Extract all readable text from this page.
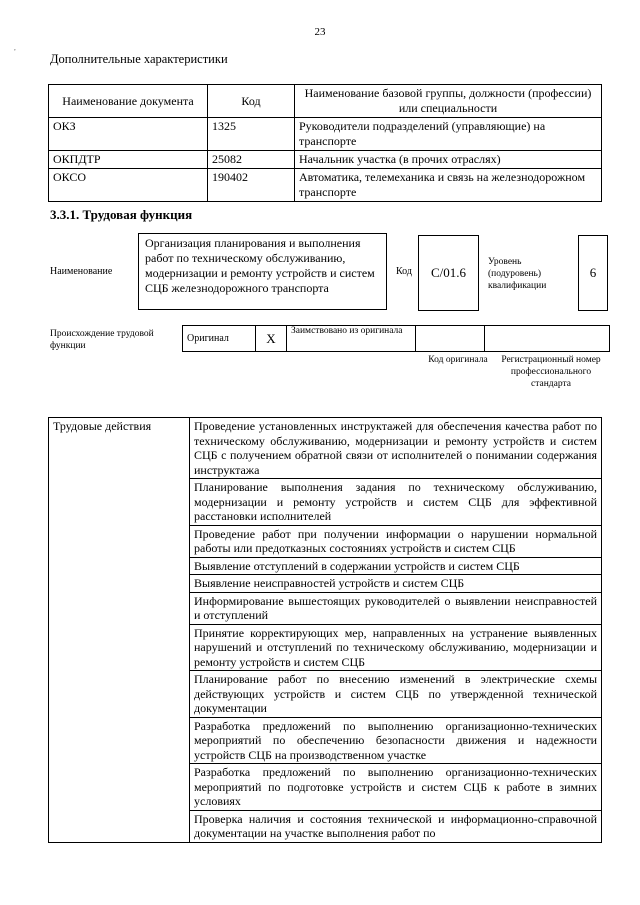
23
,
Дополнительные характеристики
Наименование документа	Код	Наименование базовой группы, должности (профессии) или специальности
ОКЗ	1325	Руководители подразделений (управляющие) на транспорте
ОКПДТР	25082	Начальник участка (в прочих отраслях)
ОКСО	190402	Автоматика, телемеханика и связь на железнодорожном транспорте
3.3.1. Трудовая функция
Наименование
Организация планирования и выполнения работ по техническому обслуживанию, модернизации и ремонту устройств и систем СЦБ железнодорожного транспорта
Код С/01.6
Уровень (подуровень) квалификации
6
Происхождение трудовой функции
Оригинал	X	Заимствовано из оригинала		
Код оригинала	Регистрационный номер профессионального стандарта
Трудовые действия	Проведение установленных инструктажей для обеспечения качества работ по техническому обслуживанию, модернизации и ремонту устройств и систем СЦБ с получением обратной связи от исполнителей о понимании содержания инструктажа
Планирование выполнения задания по техническому обслуживанию, модернизации и ремонту устройств и систем СЦБ для эффективной расстановки исполнителей
Проведение работ при получении информации о нарушении нормальной работы или предотказных состояниях устройств и систем СЦБ
Выявление отступлений в содержании устройств и систем СЦБ
Выявление неисправностей устройств и систем СЦБ
Информирование вышестоящих руководителей о выявлении неисправностей и отступлений
Принятие корректирующих мер, направленных на устранение выявленных нарушений и отступлений по техническому обслуживанию, модернизации и ремонту устройств и систем СЦБ
Планирование работ по внесению изменений в электрические схемы действующих устройств и систем СЦБ по утвержденной технической документации
Разработка предложений по выполнению организационно-технических мероприятий по обеспечению безопасности движения и надежности устройств СЦБ на производственном участке
Разработка предложений по выполнению организационно-технических мероприятий по подготовке устройств и систем СЦБ к работе в зимних условиях
Проверка наличия и состояния технической и информационно-справочной документации на участке выполнения работ по
